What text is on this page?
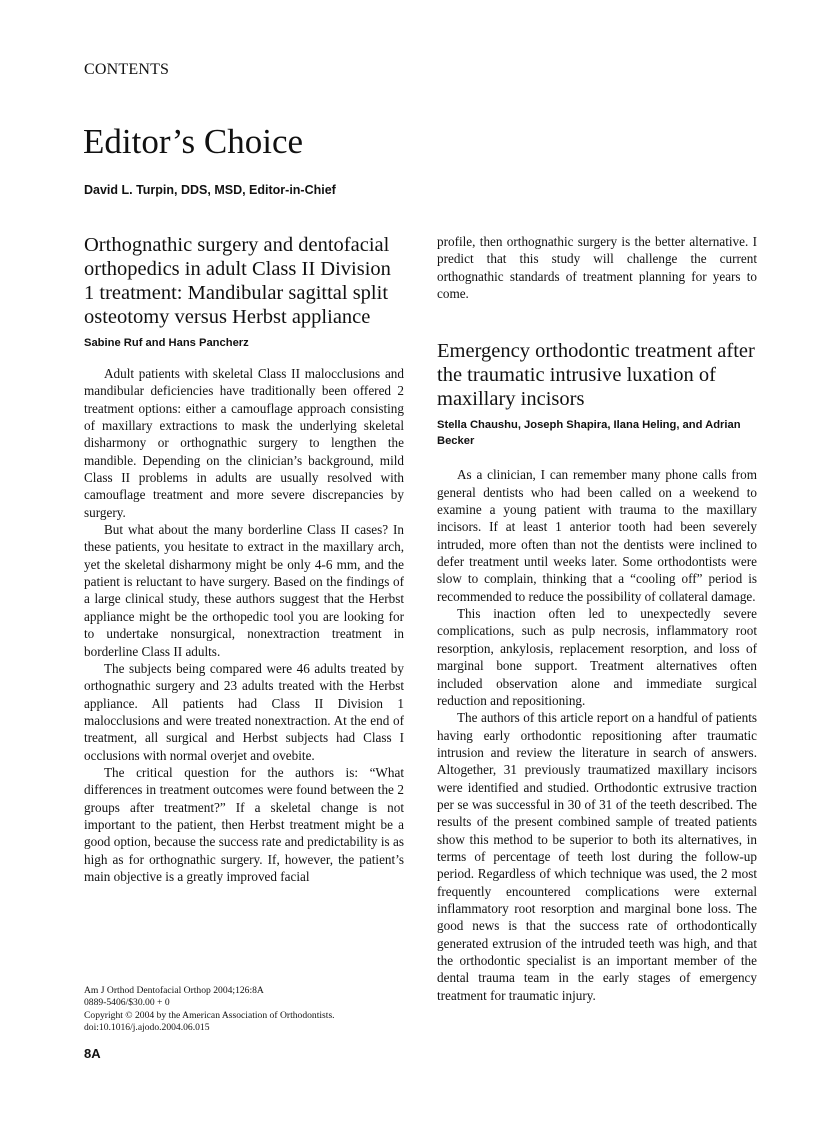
CONTENTS
Editor’s Choice
David L. Turpin, DDS, MSD, Editor-in-Chief
Orthognathic surgery and dentofacial orthopedics in adult Class II Division 1 treatment: Mandibular sagittal split osteotomy versus Herbst appliance
Sabine Ruf and Hans Pancherz

Adult patients with skeletal Class II malocclusions and mandibular deficiencies have traditionally been offered 2 treatment options: either a camouflage approach consisting of maxillary extractions to mask the underlying skeletal disharmony or orthognathic surgery to lengthen the mandible. Depending on the clinician’s background, mild Class II problems in adults are usually resolved with camouflage treatment and more severe discrepancies by surgery.

But what about the many borderline Class II cases? In these patients, you hesitate to extract in the maxillary arch, yet the skeletal disharmony might be only 4-6 mm, and the patient is reluctant to have surgery. Based on the findings of a large clinical study, these authors suggest that the Herbst appliance might be the orthopedic tool you are looking for to undertake nonsurgical, nonextraction treatment in borderline Class II adults.

The subjects being compared were 46 adults treated by orthognathic surgery and 23 adults treated with the Herbst appliance. All patients had Class II Division 1 malocclusions and were treated nonextraction. At the end of treatment, all surgical and Herbst subjects had Class I occlusions with normal overjet and ovebite.

The critical question for the authors is: “What differences in treatment outcomes were found between the 2 groups after treatment?” If a skeletal change is not important to the patient, then Herbst treatment might be a good option, because the success rate and predictability is as high as for orthognathic surgery. If, however, the patient’s main objective is a greatly improved facial

profile, then orthognathic surgery is the better alternative. I predict that this study will challenge the current orthognathic standards of treatment planning for years to come.

Emergency orthodontic treatment after the traumatic intrusive luxation of maxillary incisors
Stella Chaushu, Joseph Shapira, Ilana Heling, and Adrian Becker

As a clinician, I can remember many phone calls from general dentists who had been called on a weekend to examine a young patient with trauma to the maxillary incisors. If at least 1 anterior tooth had been severely intruded, more often than not the dentists were inclined to defer treatment until weeks later. Some orthodontists were slow to complain, thinking that a “cooling off” period is recommended to reduce the possibility of collateral damage.

This inaction often led to unexpectedly severe complications, such as pulp necrosis, inflammatory root resorption, ankylosis, replacement resorption, and loss of marginal bone support. Treatment alternatives often included observation alone and immediate surgical reduction and repositioning.

The authors of this article report on a handful of patients having early orthodontic repositioning after traumatic intrusion and review the literature in search of answers. Altogether, 31 previously traumatized maxillary incisors were identified and studied. Orthodontic extrusive traction per se was successful in 30 of 31 of the teeth described. The results of the present combined sample of treated patients show this method to be superior to both its alternatives, in terms of percentage of teeth lost during the follow-up period. Regardless of which technique was used, the 2 most frequently encountered complications were external inflammatory root resorption and marginal bone loss. The good news is that the success rate of orthodontically generated extrusion of the intruded teeth was high, and that the orthodontic specialist is an important member of the dental trauma team in the early stages of emergency treatment for traumatic injury.

Am J Orthod Dentofacial Orthop 2004;126:8A
0889-5406/$30.00 + 0
Copyright © 2004 by the American Association of Orthodontists.
doi:10.1016/j.ajodo.2004.06.015
8A
